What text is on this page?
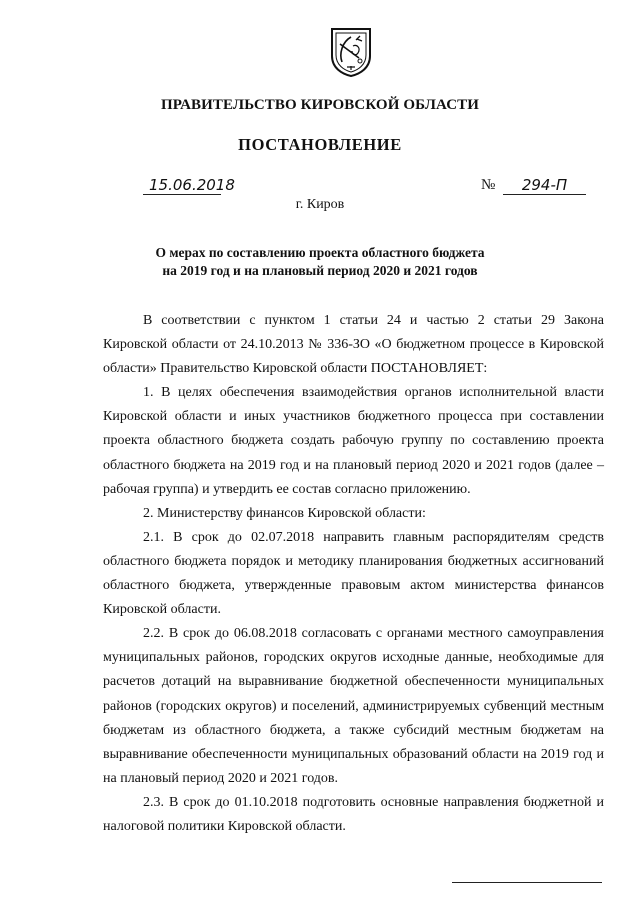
ПРАВИТЕЛЬСТВО КИРОВСКОЙ ОБЛАСТИ
ПОСТАНОВЛЕНИЕ
15.06.2018	№	294-П
г. Киров
О мерах по составлению проекта областного бюджета
на 2019 год и на плановый период 2020 и 2021 годов

В соответствии с пунктом 1 статьи 24 и частью 2 статьи 29 Закона Кировской области от 24.10.2013 № 336-ЗО «О бюджетном процессе в Кировской области» Правительство Кировской области ПОСТАНОВЛЯЕТ:

1. В целях обеспечения взаимодействия органов исполнительной власти Кировской области и иных участников бюджетного процесса при составлении проекта областного бюджета создать рабочую группу по составлению проекта областного бюджета на 2019 год и на плановый период 2020 и 2021 годов (далее – рабочая группа) и утвердить ее состав согласно приложению.

2. Министерству финансов Кировской области:

2.1. В срок до 02.07.2018 направить главным распорядителям средств областного бюджета порядок и методику планирования бюджетных ассигнований областного бюджета, утвержденные правовым актом министерства финансов Кировской области.

2.2. В срок до 06.08.2018 согласовать с органами местного самоуправления муниципальных районов, городских округов исходные данные, необходимые для расчетов дотаций на выравнивание бюджетной обеспеченности муниципальных районов (городских округов) и поселений, администрируемых субвенций местным бюджетам из областного бюджета, а также субсидий местным бюджетам на выравнивание обеспеченности муниципальных образований области на 2019 год и на плановый период 2020 и 2021 годов.

2.3. В срок до 01.10.2018 подготовить основные направления бюджетной и налоговой политики Кировской области.
